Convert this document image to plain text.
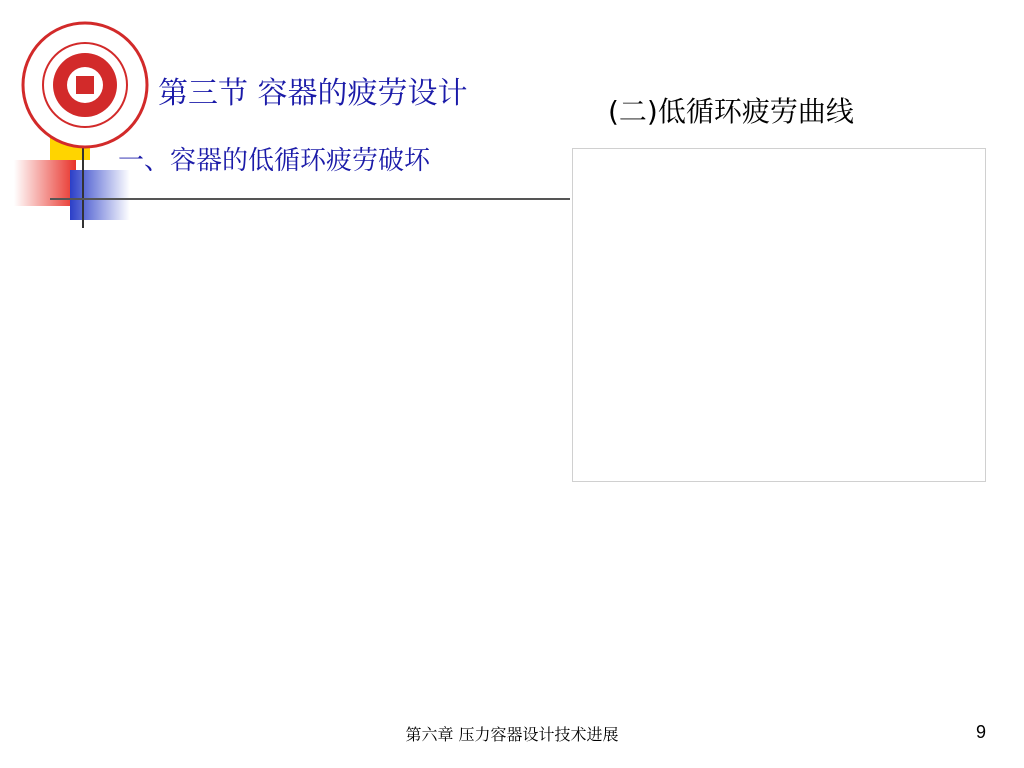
第三节 容器的疲劳设计
一、容器的低循环疲劳破坏
(二)低循环疲劳曲线
第六章 压力容器设计技术进展	9
